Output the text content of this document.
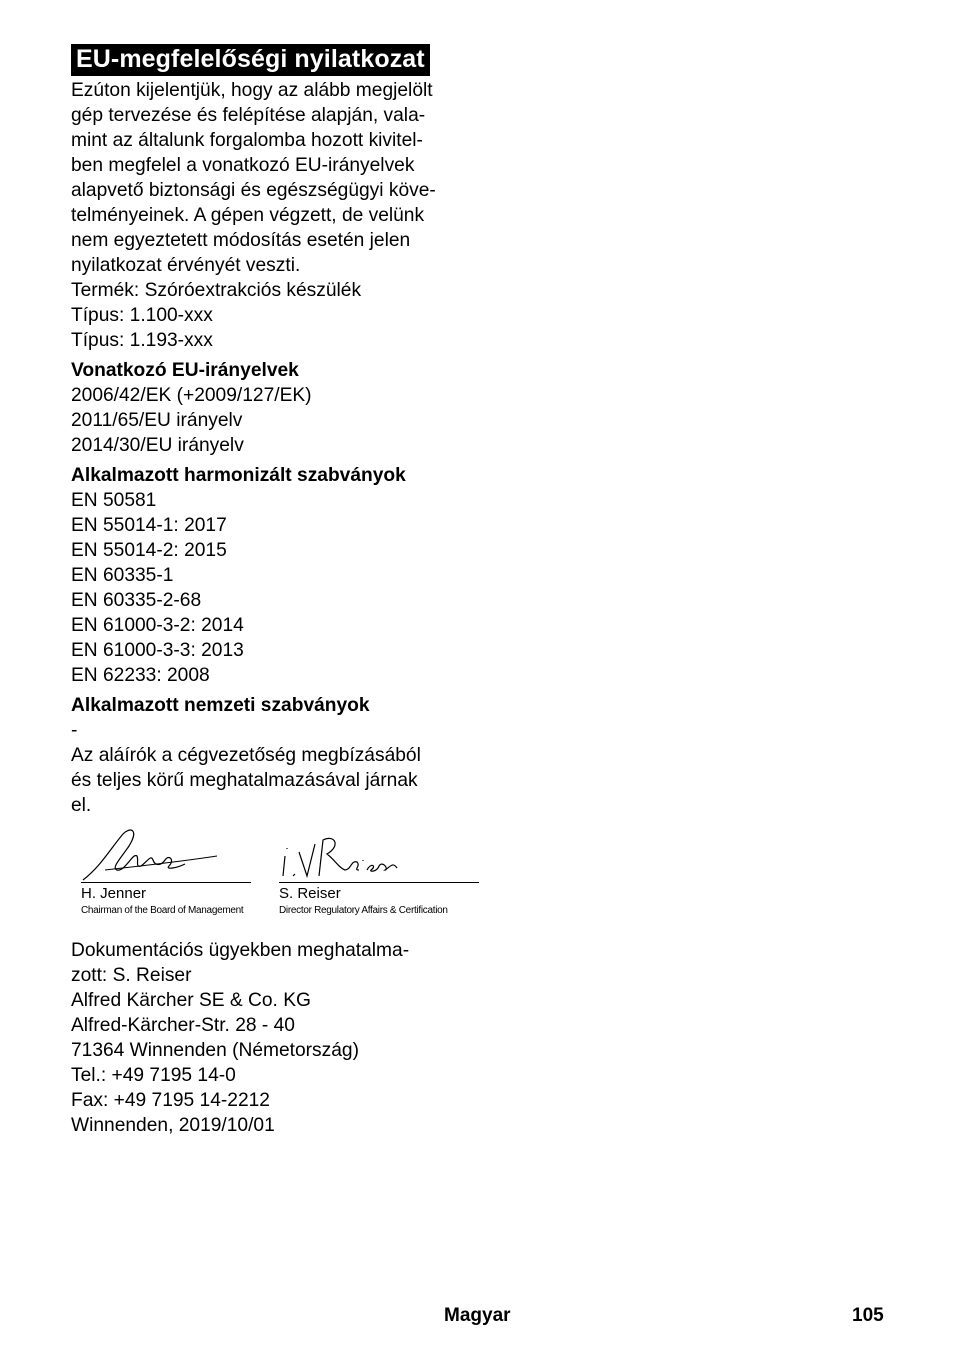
EU-megfelelőségi nyilatkozat

Ezúton kijelentjük, hogy az alább megjelölt

gép tervezése és felépítése alapján, vala-

mint az általunk forgalomba hozott kivitel-

ben megfelel a vonatkozó EU-irányelvek

alapvető biztonsági és egészségügyi köve-

telményeinek. A gépen végzett, de velünk

nem egyeztetett módosítás esetén jelen

nyilatkozat érvényét veszti.

Termék: Szóróextrakciós készülék

Típus: 1.100-xxx

Típus: 1.193-xxx

Vonatkozó EU-irányelvek

2006/42/EK (+2009/127/EK)

2011/65/EU irányelv

2014/30/EU irányelv

Alkalmazott harmonizált szabványok

EN 50581

EN 55014-1: 2017

EN 55014-2: 2015

EN 60335-1

EN 60335-2-68

EN 61000-3-2: 2014

EN 61000-3-3: 2013

EN 62233: 2008

Alkalmazott nemzeti szabványok

-

Az aláírók a cégvezetőség megbízásából

és teljes körű meghatalmazásával járnak

el.

H. Jenner
Chairman of the Board of Management
S. Reiser
Director Regulatory Affairs & Certification

Dokumentációs ügyekben meghatalma-

zott: S. Reiser

Alfred Kärcher SE & Co. KG

Alfred-Kärcher-Str. 28 - 40

71364 Winnenden (Németország)

Tel.: +49 7195 14-0

Fax: +49 7195 14-2212

Winnenden, 2019/10/01

Magyar	105
